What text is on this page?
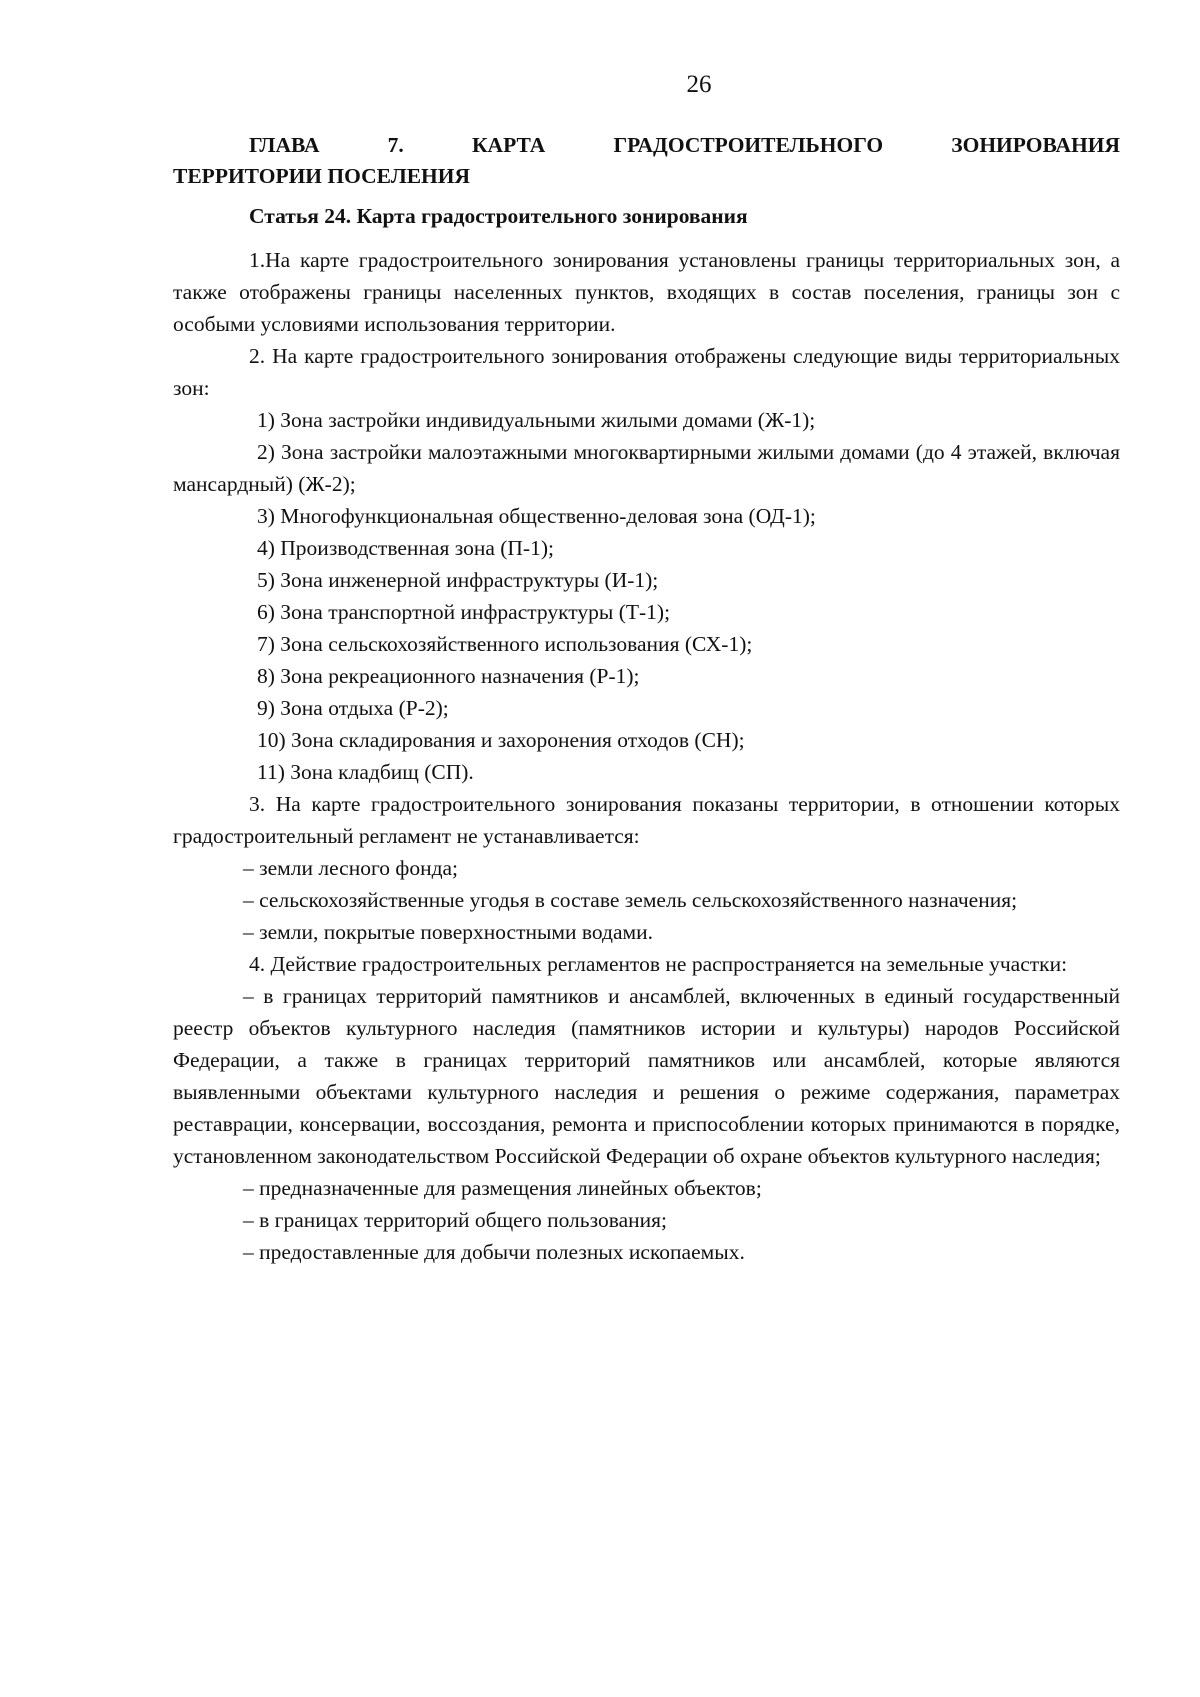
26
ГЛАВА 7. КАРТА ГРАДОСТРОИТЕЛЬНОГО ЗОНИРОВАНИЯ
ТЕРРИТОРИИ ПОСЕЛЕНИЯ
Статья 24. Карта градостроительного зонирования

1.На карте градостроительного зонирования установлены границы территориальных зон, а также отображены границы населенных пунктов, входящих в состав поселения, границы зон с особыми условиями использования территории.

2. На карте градостроительного зонирования отображены следующие виды территориальных зон:

1) Зона застройки индивидуальными жилыми домами (Ж-1);

2) Зона застройки малоэтажными многоквартирными жилыми домами (до 4 этажей, включая мансардный) (Ж-2);

3) Многофункциональная общественно-деловая зона (ОД-1);

4) Производственная зона (П-1);

5) Зона инженерной инфраструктуры (И-1);

6) Зона транспортной инфраструктуры (Т-1);

7) Зона сельскохозяйственного использования (СХ-1);

8) Зона рекреационного назначения (Р-1);

9) Зона отдыха (Р-2);

10) Зона складирования и захоронения отходов (СН);

11) Зона кладбищ (СП).

3. На карте градостроительного зонирования показаны территории, в отношении которых градостроительный регламент не устанавливается:

– земли лесного фонда;

– сельскохозяйственные угодья в составе земель сельскохозяйственного назначения;

– земли, покрытые поверхностными водами.

4. Действие градостроительных регламентов не распространяется на земельные участки:

– в границах территорий памятников и ансамблей, включенных в единый государственный реестр объектов культурного наследия (памятников истории и культуры) народов Российской Федерации, а также в границах территорий памятников или ансамблей, которые являются выявленными объектами культурного наследия и решения о режиме содержания, параметрах реставрации, консервации, воссоздания, ремонта и приспособлении которых принимаются в порядке, установленном законодательством Российской Федерации об охране объектов культурного наследия;

– предназначенные для размещения линейных объектов;

– в границах территорий общего пользования;

– предоставленные для добычи полезных ископаемых.
